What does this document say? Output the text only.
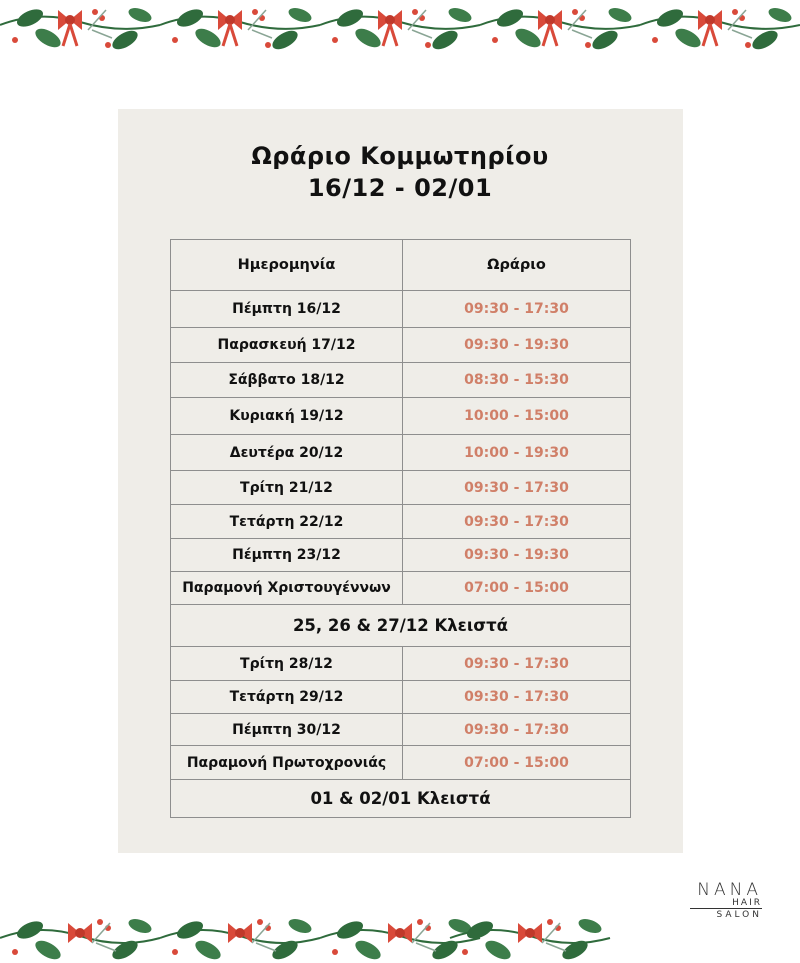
Ωράριο Κομμωτηρίου
16/12 - 02/01
Ημερομηνία	Ωράριο
Πέμπτη 16/12	09:30 - 17:30
Παρασκευή 17/12	09:30 - 19:30
Σάββατο 18/12	08:30 - 15:30
Κυριακή 19/12	10:00 - 15:00
Δευτέρα 20/12	10:00 - 19:30
Τρίτη 21/12	09:30 - 17:30
Τετάρτη 22/12	09:30 - 17:30
Πέμπτη 23/12	09:30 - 19:30
Παραμονή Χριστουγέννων	07:00 - 15:00
25, 26 & 27/12 Κλειστά	
Τρίτη 28/12	09:30 - 17:30
Τετάρτη 29/12	09:30 - 17:30
Πέμπτη 30/12	09:30 - 17:30
Παραμονή Πρωτοχρονιάς	07:00 - 15:00
01 & 02/01 Κλειστά	
NANA
HAIR
SALON
